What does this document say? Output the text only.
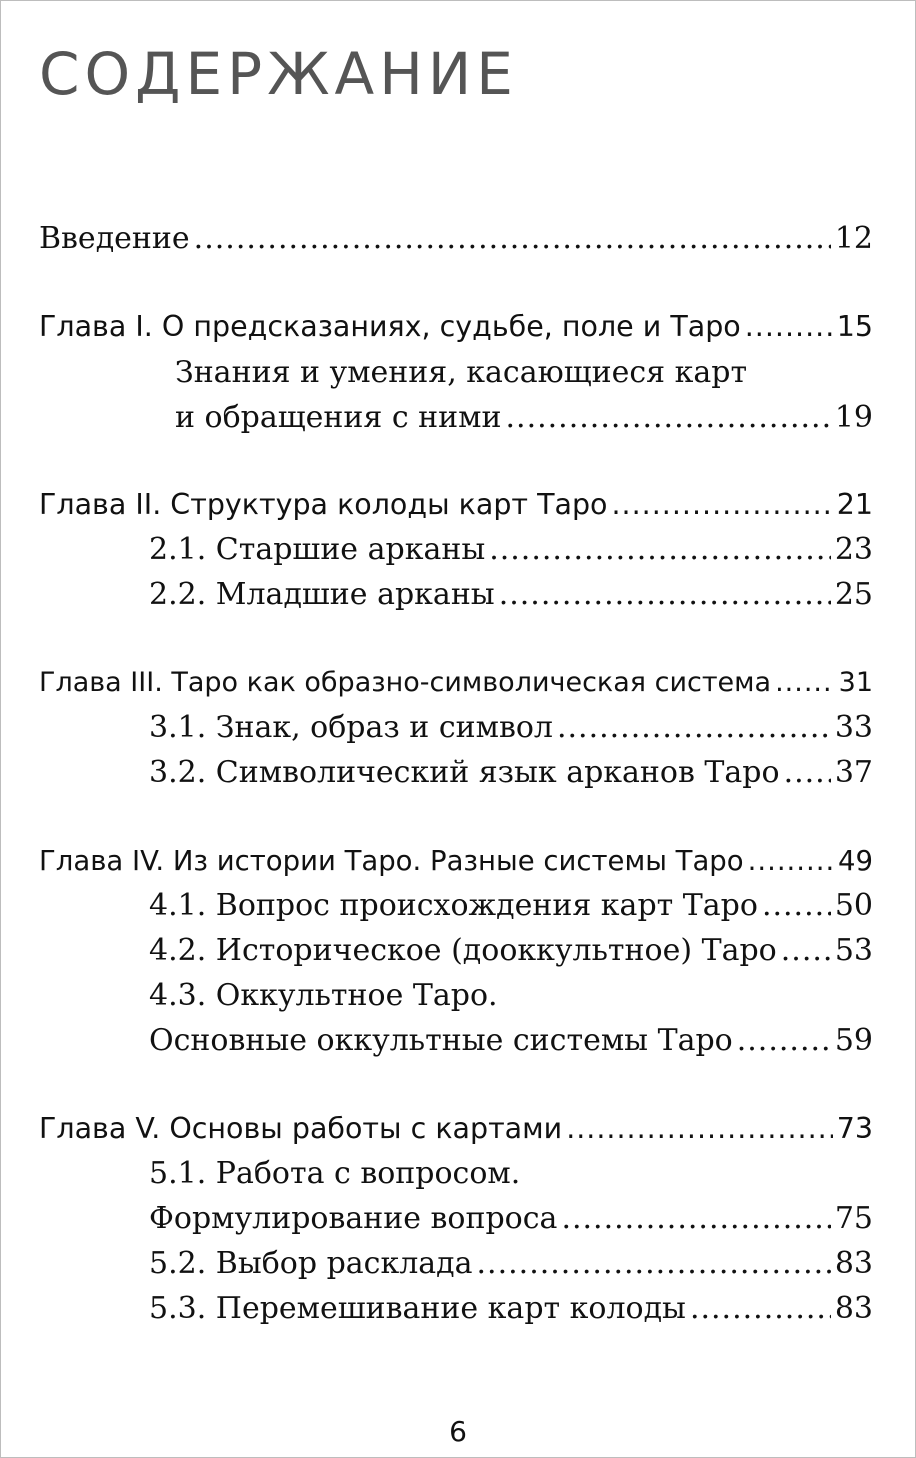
СОДЕРЖАНИЕ
Введение .....	12
Глава I. О предсказаниях, судьбе, поле и Таро .....	15
Знания и умения, касающиеся карт
и обращения с ними .....	19
Глава II. Структура колоды карт Таро .....	21
2.1. Старшие арканы .....	23
2.2. Младшие арканы .....	25
Глава III. Таро как образно-символическая система .....	31
3.1. Знак, образ и символ .....	33
3.2. Символический язык арканов Таро ..... 37
Глава IV. Из истории Таро. Разные системы Таро .....	49
4.1. Вопрос происхождения карт Таро .....	50
4.2. Историческое (дооккультное) Таро ..... 53
4.3. Оккультное Таро.
Основные оккультные системы Таро .....	59
Глава V. Основы работы с картами .....	73
5.1. Работа с вопросом.
Формулирование вопроса .....	75
5.2. Выбор расклада .....	83
5.3. Перемешивание карт колоды .....	83
6
